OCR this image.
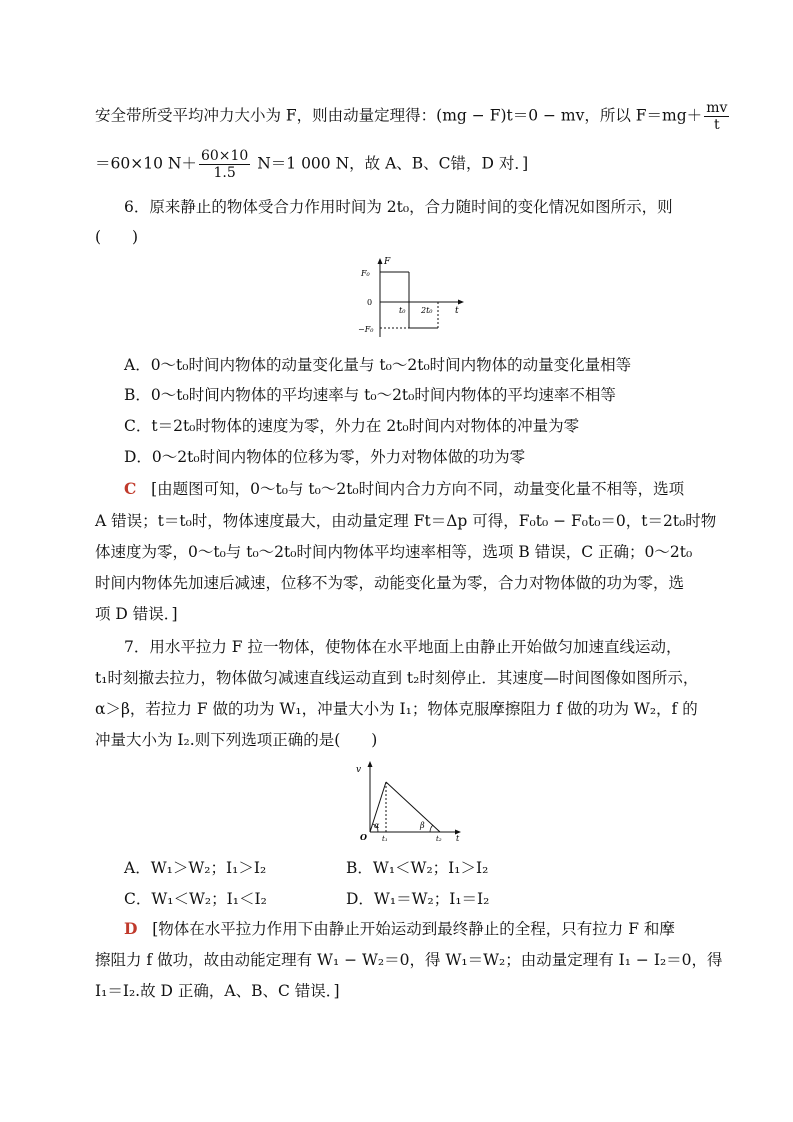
安全带所受平均冲力大小为 F，则由动量定理得：(mg − F)t＝0 − mv，所以 $F=mg+ \frac{mv}{t}$
＝60×10 $N+ \frac{60\times 10}{1.5} N=1$ 000 N，故 A、B、C错，D 对．]
6．原来静止的物体受合力作用时间为 2t₀，合力随时间的变化情况如图所示，则
(　　)
F
F₀
0
−F₀
t₀ 2t₀ t
A．0～t₀时间内物体的动量变化量与 t₀～2t₀时间内物体的动量变化量相等
B．0～t₀时间内物体的平均速率与 t₀～2t₀时间内物体的平均速率不相等
C．t＝2t₀时物体的速度为零，外力在 2t₀时间内对物体的冲量为零
D．0～2t₀时间内物体的位移为零，外力对物体做的功为零
C [由题图可知，0～t₀与 t₀～2t₀时间内合力方向不同，动量变化量不相等，选项
A 错误；t＝t₀时，物体速度最大，由动量定理 Ft＝Δp 可得，F₀t₀ − F₀t₀＝0，t＝2t₀时物
体速度为零，0～t₀与 t₀～2t₀时间内物体平均速率相等，选项 B 错误，C 正确；0～2t₀
时间内物体先加速后减速，位移不为零，动能变化量为零，合力对物体做的功为零，选
项 D 错误．]
7．用水平拉力 F 拉一物体，使物体在水平地面上由静止开始做匀加速直线运动，
t₁时刻撤去拉力，物体做匀减速直线运动直到 t₂时刻停止．其速度—时间图像如图所示，
α＞β，若拉力 F 做的功为 W₁，冲量大小为 I₁；物体克服摩擦阻力 f 做的功为 W₂，f 的
冲量大小为 I₂.则下列选项正确的是(　　)
v
O
α	β
t₁	t₂ t
A．W₁＞W₂；I₁＞I₂	B．W₁＜W₂；I₁＞I₂
C．W₁＜W₂；I₁＜I₂	D．W₁＝W₂；I₁＝I₂
D [物体在水平拉力作用下由静止开始运动到最终静止的全程，只有拉力 F 和摩
擦阻力 f 做功，故由动能定理有 W₁ − W₂＝0，得 W₁＝W₂；由动量定理有 I₁ − I₂＝0，得
I₁＝I₂.故 D 正确，A、B、C 错误．]
